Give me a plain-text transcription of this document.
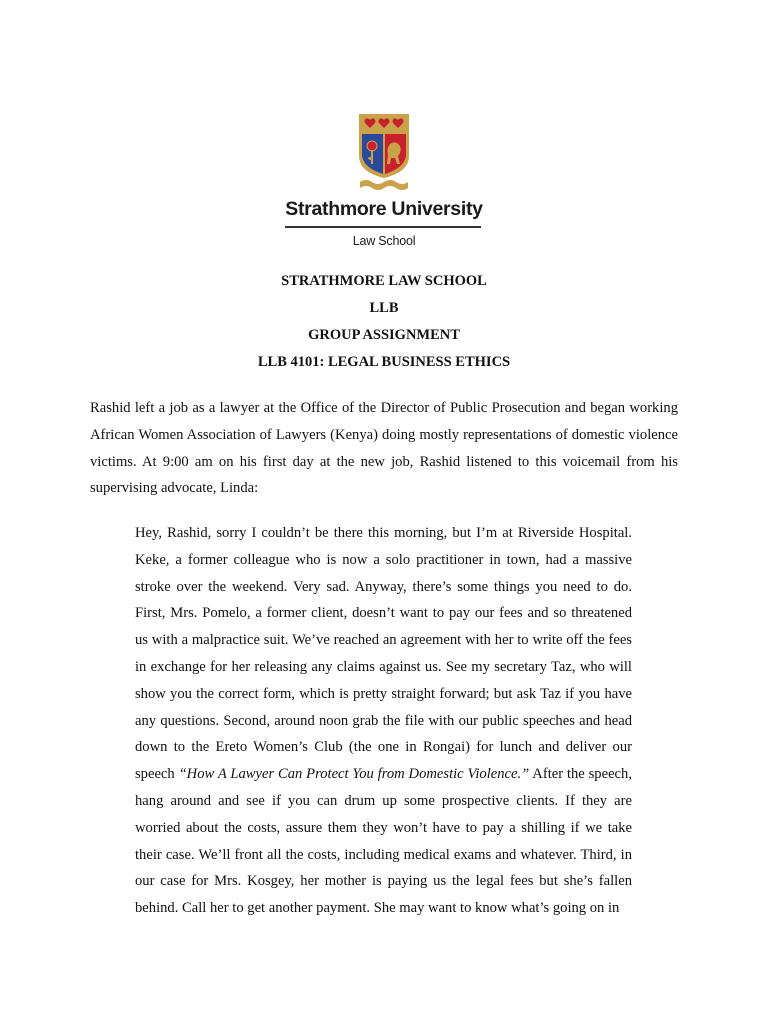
Strathmore University
Law School
STRATHMORE LAW SCHOOL
LLB
GROUP ASSIGNMENT
LLB 4101: LEGAL BUSINESS ETHICS

Rashid left a job as a lawyer at the Office of the Director of Public Prosecution and began working African Women Association of Lawyers (Kenya) doing mostly representations of domestic violence victims. At 9:00 am on his first day at the new job, Rashid listened to this voicemail from his supervising advocate, Linda:

Hey, Rashid, sorry I couldn’t be there this morning, but I’m at Riverside Hospital. Keke, a former colleague who is now a solo practitioner in town, had a massive stroke over the weekend. Very sad. Anyway, there’s some things you need to do. First, Mrs. Pomelo, a former client, doesn’t want to pay our fees and so threatened us with a malpractice suit. We’ve reached an agreement with her to write off the fees in exchange for her releasing any claims against us. See my secretary Taz, who will show you the correct form, which is pretty straight forward; but ask Taz if you have any questions. Second, around noon grab the file with our public speeches and head down to the Ereto Women’s Club (the one in Rongai) for lunch and deliver our speech “How A Lawyer Can Protect You from Domestic Violence.” After the speech, hang around and see if you can drum up some prospective clients. If they are worried about the costs, assure them they won’t have to pay a shilling if we take their case. We’ll front all the costs, including medical exams and whatever. Third, in our case for Mrs. Kosgey, her mother is paying us the legal fees but she’s fallen behind. Call her to get another payment. She may want to know what’s going on in
